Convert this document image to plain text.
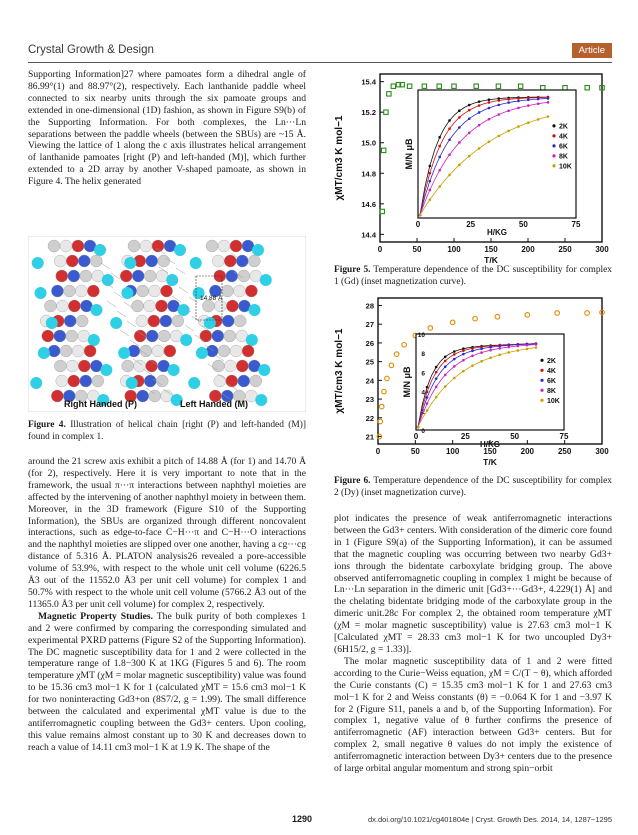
Crystal Growth & Design	Article

Supporting Information]27 where pamoates form a dihedral angle of 86.99°(1) and 88.97°(2), respectively. Each lanthanide paddle wheel connected to six nearby units through the six pamoate groups and extended in one-dimensional (1D) fashion, as shown in Figure S9(b) of the Supporting Information. For both complexes, the Ln···Ln separations between the paddle wheels (between the SBUs) are ~15 Å. Viewing the lattice of 1 along the c axis illustrates helical arrangement of lanthanide pamoates [right (P) and left-handed (M)], which further extended to a 2D array by another V-shaped pamoate, as shown in Figure 4. The helix generated

14.88 Å
Right Handed (P)	Left Handed (M)
Figure 4. Illustration of helical chain [right (P) and left-handed (M)] found in complex 1.

around the 21 screw axis exhibit a pitch of 14.88 Å (for 1) and 14.70 Å (for 2), respectively. Here it is very important to note that in the framework, the usual π···π interactions between naphthyl moieties are affected by the intervening of another naphthyl moiety in between them. Moreover, in the 3D framework (Figure S10 of the Supporting Information), the SBUs are organized through different noncovalent interactions, such as edge-to-face C−H···π and C−H···O interactions and the naphthyl moieties are slipped over one another, having a cg···cg distance of 5.316 Å. PLATON analysis26 revealed a pore-accessible volume of 53.9%, with respect to the whole unit cell volume (6226.5 Å3 out of the 11552.0 Å3 per unit cell volume) for complex 1 and 50.7% with respect to the whole unit cell volume (5766.2 Å3 out of the 11365.0 Å3 per unit cell volume) for complex 2, respectively.

Magnetic Property Studies. The bulk purity of both complexes 1 and 2 were confirmed by comparing the corresponding simulated and experimental PXRD patterns (Figure S2 of the Supporting Information). The DC magnetic susceptibility data for 1 and 2 were collected in the temperature range of 1.8−300 K at 1KG (Figures 5 and 6). The room temperature χMT (χM = molar magnetic susceptibility) value was found to be 15.36 cm3 mol−1 K for 1 (calculated χMT = 15.6 cm3 mol−1 K for two noninteracting Gd3+on (8S7/2, g = 1.99). The small difference between the calculated and experimental χMT value is due to the antiferromagnetic coupling between the Gd3+ centers. Upon cooling, this value remains almost constant up to 30 K and decreases down to reach a value of 14.11 cm3 mol−1 K at 1.9 K. The shape of the

0	50	100	150	200	250	300
14.4
14.6
14.8
15.0
15.2
15.4
T/K
χMT/cm3 K mol−1	M/N μB
0	25	50	75
H/KG
2K
4K
6K
8K
10K
Figure 5. Temperature dependence of the DC susceptibility for complex 1 (Gd) (inset magnetization curve).
0	50	100	150	200	250	300
21
22
23
24
25
26
27
28
T/K
χMT/cm3 K mol−1	M/N μB
0	25	50	75
H/KG
0
2
4
6
8
10
2K
4K
6K
8K
10K
Figure 6. Temperature dependence of the DC susceptibility for complex 2 (Dy) (inset magnetization curve).

plot indicates the presence of weak antiferromagnetic interactions between the Gd3+ centers. With consideration of the dimeric core found in 1 (Figure S9(a) of the Supporting Information), it can be assumed that the magnetic coupling was occurring between two nearby Gd3+ ions through the bidentate carboxylate bridging group. The above observed antiferromagnetic coupling in complex 1 might be because of Ln···Ln separation in the dimeric unit [Gd3+···Gd3+, 4.229(1) Å] and the chelating bidentate bridging mode of the carboxylate group in the dimeric unit.28c For complex 2, the obtained room temperature χMT (χM = molar magnetic susceptibility) value is 27.63 cm3 mol−1 K [Calculated χMT = 28.33 cm3 mol−1 K for two uncoupled Dy3+ (6H15/2, g = 1.33)].

The molar magnetic susceptibility data of 1 and 2 were fitted according to the Curie−Weiss equation, χM = C/(T − θ), which afforded the Curie constants (C) = 15.35 cm3 mol−1 K for 1 and 27.63 cm3 mol−1 K for 2 and Weiss constants (θ) = −0.064 K for 1 and −3.97 K for 2 (Figure S11, panels a and b, of the Supporting Information). For complex 1, negative value of θ further confirms the presence of antiferromagnetic (AF) interaction between Gd3+ centers. But for complex 2, small negative θ values do not imply the existence of antiferromagnetic interaction between Dy3+ centers due to the presence of large orbital angular momentum and strong spin−orbit

1290	dx.doi.org/10.1021/cg401804e | Cryst. Growth Des. 2014, 14, 1287−1295
